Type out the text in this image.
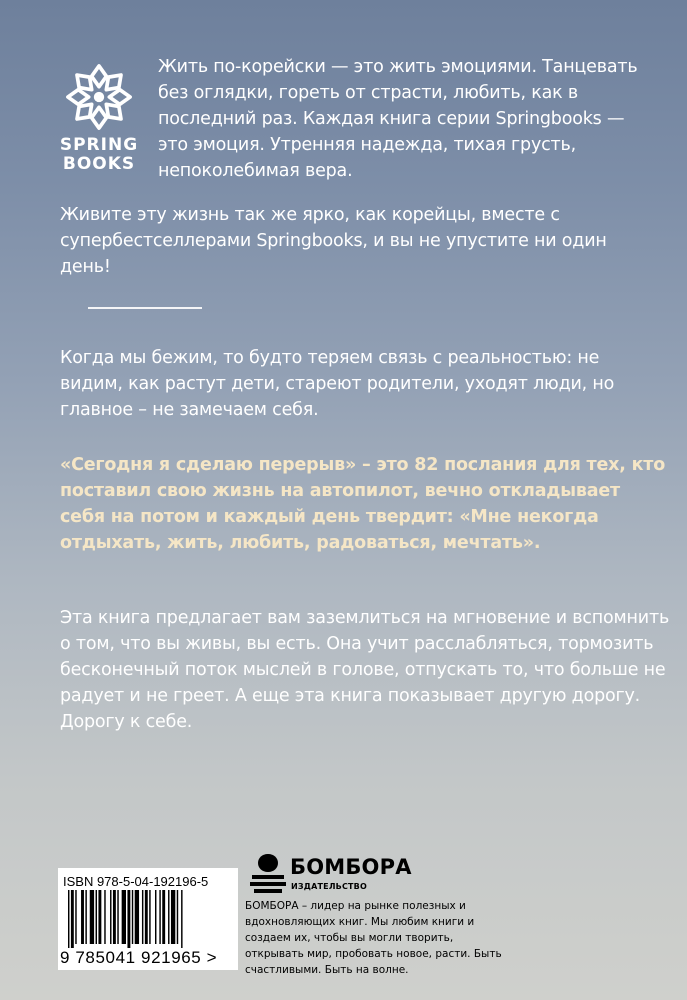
SPRING
BOOKS

Жить по-корейски — это жить эмоциями. Танцевать без оглядки, гореть от страсти, любить, как в последний раз. Каждая книга серии Springbooks — это эмоция. Утренняя надежда, тихая грусть, непоколебимая вера.

Живите эту жизнь так же ярко, как корейцы, вместе с супербестселлерами Springbooks, и вы не упустите ни один день!

Когда мы бежим, то будто теряем связь с реальностью: не видим, как растут дети, стареют родители, уходят люди, но главное – не замечаем себя.

«Сегодня я сделаю перерыв» – это 82 послания для тех, кто поставил свою жизнь на автопилот, вечно откладывает себя на потом и каждый день твердит: «Мне некогда отдыхать, жить, любить, радоваться, мечтать».

Эта книга предлагает вам заземлиться на мгновение и вспомнить о том, что вы живы, вы есть. Она учит расслабляться, тормозить бесконечный поток мыслей в голове, отпускать то, что больше не радует и не греет. А еще эта книга показывает другую дорогу. Дорогу к себе.

ISBN 978-5-04-192196-5
9 785041 921965 >
БОМБОРА
ИЗДАТЕЛЬСТВО

БОМБОРА – лидер на рынке полезных и вдохновляющих книг. Мы любим книги и создаем их, чтобы вы могли творить, открывать мир, пробовать новое, расти. Быть счастливыми. Быть на волне.
